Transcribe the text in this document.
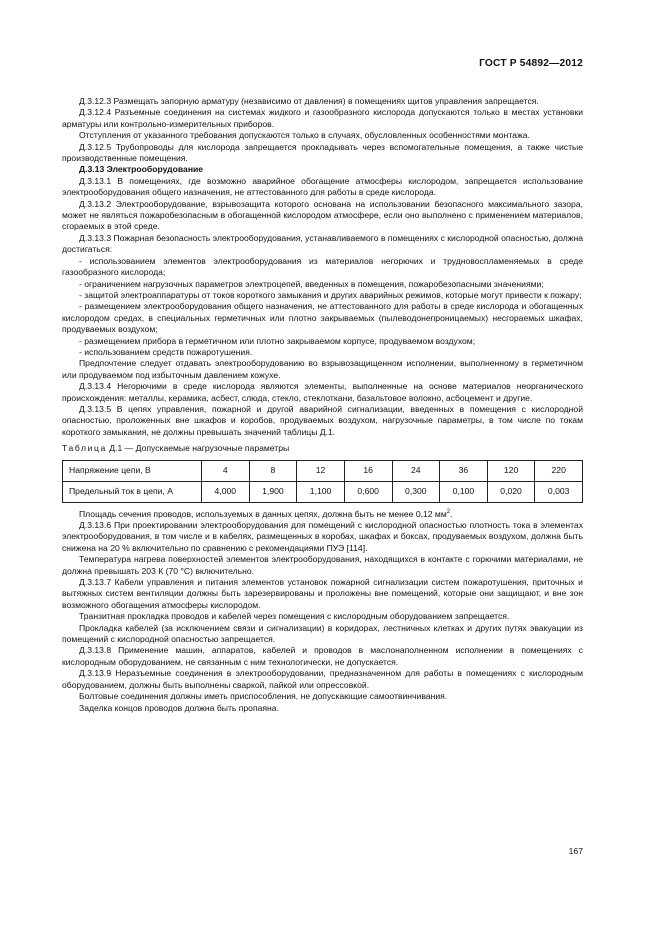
ГОСТ Р 54892—2012

Д.3.12.3 Размещать запорную арматуру (независимо от давления) в помещениях щитов управления запрещается.

Д.3.12.4 Разъемные соединения на системах жидкого и газообразного кислорода допускаются только в местах установки арматуры или контрольно-измерительных приборов.

Отступления от указанного требования допускаются только в случаях, обусловленных особенностями монтажа.

Д.3.12.5 Трубопроводы для кислорода запрещается прокладывать через вспомогательные помещения, а также чистые производственные помещения.

Д.3.13 Электрооборудование

Д.3.13.1 В помещениях, где возможно аварийное обогащение атмосферы кислородом, запрещается использование электрооборудования общего назначения, не аттестованного для работы в среде кислорода.

Д.3.13.2 Электрооборудование, взрывозащита которого основана на использовании безопасного максимального зазора, может не являться пожаробезопасным в обогащенной кислородом атмосфере, если оно выполнено с применением материалов, сгораемых в этой среде.

Д.3.13.3 Пожарная безопасность электрооборудования, устанавливаемого в помещениях с кислородной опасностью, должна достигаться:

- использованием элементов электрооборудования из материалов негорючих и трудновоспламеняемых в среде газообразного кислорода;

- ограничением нагрузочных параметров электроцепей, введенных в помещения, пожаробезопасными значениями;

- защитой электроаппаратуры от токов короткого замыкания и других аварийных режимов, которые могут привести к пожару;

- размещением электрооборудования общего назначения, не аттестованного для работы в среде кислорода и обогащенных кислородом средах, в специальных герметичных или плотно закрываемых (пылеводонепроницаемых) несгораемых шкафах, продуваемых воздухом;

- размещением прибора в герметичном или плотно закрываемом корпусе, продуваемом воздухом;

- использованием средств пожаротушения.

Предпочтение следует отдавать электрооборудованию во взрывозащищенном исполнении, выполненному в герметичном или продуваемом под избыточным давлением кожухе.

Д.3.13.4 Негорючими в среде кислорода являются элементы, выполненные на основе материалов неорганического происхождения: металлы, керамика, асбест, слюда, стекло, стеклоткани, базальтовое волокно, асбоцемент и другие.

Д.3.13.5 В цепях управления, пожарной и другой аварийной сигнализации, введенных в помещения с кислородной опасностью, проложенных вне шкафов и коробов, продуваемых воздухом, нагрузочные параметры, в том числе по токам короткого замыкания, не должны превышать значений таблицы Д.1.

Таблица Д.1 — Допускаемые нагрузочные параметры
Напряжение цепи, В	4	8	12	16	24	36	120	220
Предельный ток в цепи, А	4,000	1,900	1,100	0,600	0,300	0,100	0,020	0,003

Площадь сечения проводов, используемых в данных цепях, должна быть не менее 0,12 $мм^2$.

Д.3.13.6 При проектировании электрооборудования для помещений с кислородной опасностью плотность тока в элементах электрооборудования, в том числе и в кабелях, размещенных в коробах, шкафах и боксах, продуваемых воздухом, должна быть снижена на 20 % включительно по сравнению с рекомендациями ПУЭ [114].

Температура нагрева поверхностей элементов электрооборудования, находящихся в контакте с горючими материалами, не должна превышать 203 К (70 °С) включительно.

Д.3.13.7 Кабели управления и питания элементов установок пожарной сигнализации систем пожаротушения, приточных и вытяжных систем вентиляции должны быть зарезервированы и проложены вне помещений, которые они защищают, и вне зон возможного обогащения атмосферы кислородом.

Транзитная прокладка проводов и кабелей через помещения с кислородным оборудованием запрещается.

Прокладка кабелей (за исключением связи и сигнализации) в коридорах, лестничных клетках и других путях эвакуации из помещений с кислородной опасностью запрещается.

Д.3.13.8 Применение машин, аппаратов, кабелей и проводов в маслонаполненном исполнении в помещениях с кислородным оборудованием, не связанным с ним технологически, не допускается.

Д.3.13.9 Неразъемные соединения в электрооборудовании, предназначенном для работы в помещениях с кислородным оборудованием, должны быть выполнены сваркой, пайкой или опрессовкой.

Болтовые соединения должны иметь приспособления, не допускающие самоотвинчивания.

Заделка концов проводов должна быть пропаяна.

167
